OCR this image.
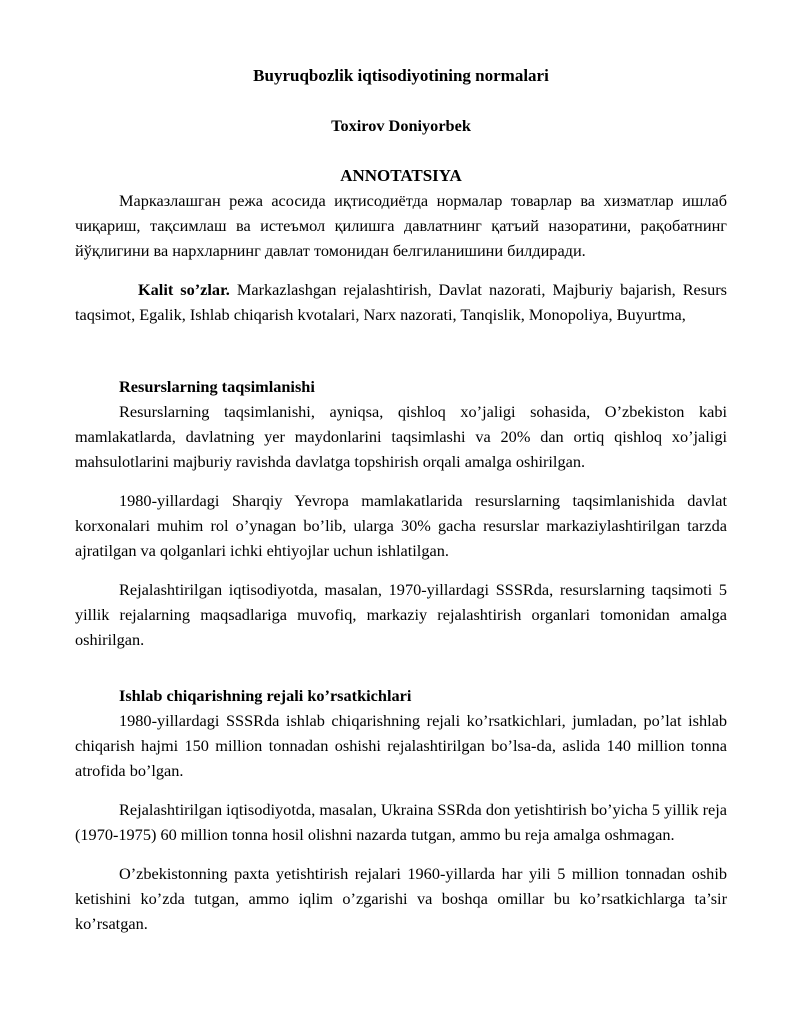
Buyruqbozlik iqtisodiyotining normalari

Toxirov Doniyorbek

ANNOTATSIYA

Марказлашган режа асосида иқтисодиётда нормалар товарлар ва хизматлар ишлаб чиқариш, тақсимлаш ва истеъмол қилишга давлатнинг қатъий назоратини, рақобатнинг йўқлигини ва нархларнинг давлат томонидан белгиланишини билдиради.

Kalit so’zlar. Markazlashgan rejalashtirish, Davlat nazorati, Majburiy bajarish, Resurs taqsimot, Egalik, Ishlab chiqarish kvotalari, Narx nazorati, Tanqislik, Monopoliya, Buyurtma,

Resurslarning taqsimlanishi

Resurslarning taqsimlanishi, ayniqsa, qishloq xo’jaligi sohasida, O’zbekiston kabi mamlakatlarda, davlatning yer maydonlarini taqsimlashi va 20% dan ortiq qishloq xo’jaligi mahsulotlarini majburiy ravishda davlatga topshirish orqali amalga oshirilgan.

1980-yillardagi Sharqiy Yevropa mamlakatlarida resurslarning taqsimlanishida davlat korxonalari muhim rol o’ynagan bo’lib, ularga 30% gacha resurslar markaziylashtirilgan tarzda ajratilgan va qolganlari ichki ehtiyojlar uchun ishlatilgan.

Rejalashtirilgan iqtisodiyotda, masalan, 1970-yillardagi SSSRda, resurslarning taqsimoti 5 yillik rejalarning maqsadlariga muvofiq, markaziy rejalashtirish organlari tomonidan amalga oshirilgan.

Ishlab chiqarishning rejali ko’rsatkichlari

1980-yillardagi SSSRda ishlab chiqarishning rejali ko’rsatkichlari, jumladan, po’lat ishlab chiqarish hajmi 150 million tonnadan oshishi rejalashtirilgan bo’lsa-da, aslida 140 million tonna atrofida bo’lgan.

Rejalashtirilgan iqtisodiyotda, masalan, Ukraina SSRda don yetishtirish bo’yicha 5 yillik reja (1970-1975) 60 million tonna hosil olishni nazarda tutgan, ammo bu reja amalga oshmagan.

O’zbekistonning paxta yetishtirish rejalari 1960-yillarda har yili 5 million tonnadan oshib ketishini ko’zda tutgan, ammo iqlim o’zgarishi va boshqa omillar bu ko’rsatkichlarga ta’sir ko’rsatgan.
